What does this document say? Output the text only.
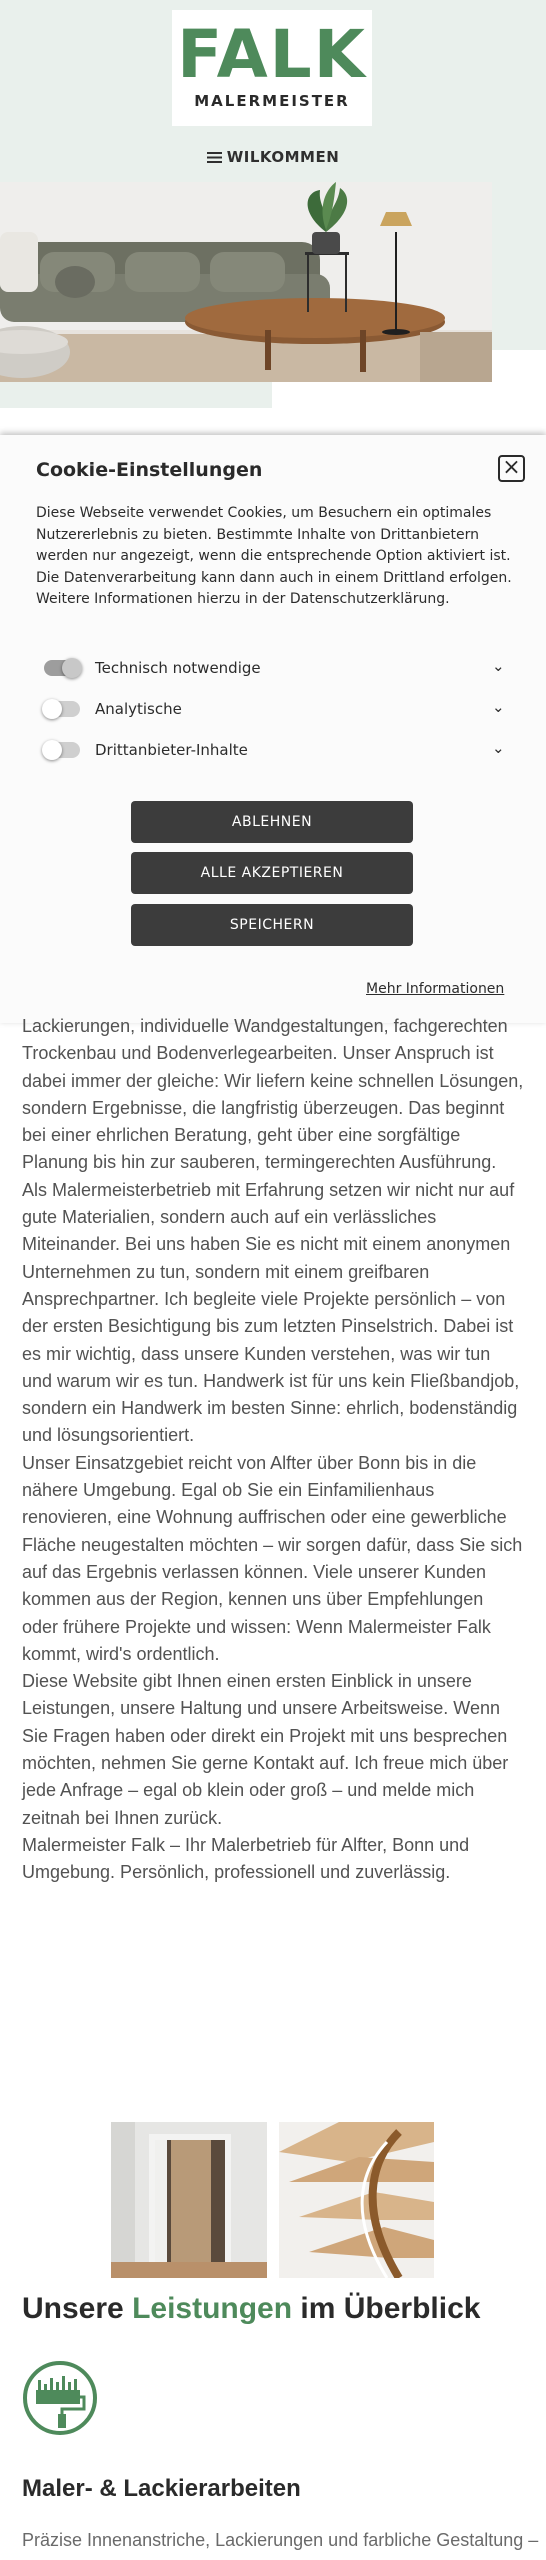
FALK
MALERMEISTER
WILKOMMEN
Cookie-Einstellungen	×
Diese Webseite verwendet Cookies, um Besuchern ein optimales Nutzererlebnis zu bieten. Bestimmte Inhalte von Drittanbietern werden nur angezeigt, wenn die entsprechende Option aktiviert ist. Die Datenverarbeitung kann dann auch in einem Drittland erfolgen. Weitere Informationen hierzu in der Datenschutzerklärung.
Technisch notwendige	⌄
Analytische	⌄
Drittanbieter-Inhalte	⌄
ABLEHNEN
ALLE AKZEPTIEREN
SPEICHERN
Mehr Informationen

Lackierungen, individuelle Wandgestaltungen, fachgerechten Trockenbau und Bodenverlegearbeiten. Unser Anspruch ist dabei immer der gleiche: Wir liefern keine schnellen Lösungen, sondern Ergebnisse, die langfristig überzeugen. Das beginnt bei einer ehrlichen Beratung, geht über eine sorgfältige Planung bis hin zur sauberen, termingerechten Ausführung.

Als Malermeisterbetrieb mit Erfahrung setzen wir nicht nur auf gute Materialien, sondern auch auf ein verlässliches Miteinander. Bei uns haben Sie es nicht mit einem anonymen Unternehmen zu tun, sondern mit einem greifbaren Ansprechpartner. Ich begleite viele Projekte persönlich – von der ersten Besichtigung bis zum letzten Pinselstrich. Dabei ist es mir wichtig, dass unsere Kunden verstehen, was wir tun und warum wir es tun. Handwerk ist für uns kein Fließbandjob, sondern ein Handwerk im besten Sinne: ehrlich, bodenständig und lösungsorientiert.

Unser Einsatzgebiet reicht von Alfter über Bonn bis in die nähere Umgebung. Egal ob Sie ein Einfamilienhaus renovieren, eine Wohnung auffrischen oder eine gewerbliche Fläche neugestalten möchten – wir sorgen dafür, dass Sie sich auf das Ergebnis verlassen können. Viele unserer Kunden kommen aus der Region, kennen uns über Empfehlungen oder frühere Projekte und wissen: Wenn Malermeister Falk kommt, wird's ordentlich.

Diese Website gibt Ihnen einen ersten Einblick in unsere Leistungen, unsere Haltung und unsere Arbeitsweise. Wenn Sie Fragen haben oder direkt ein Projekt mit uns besprechen möchten, nehmen Sie gerne Kontakt auf. Ich freue mich über jede Anfrage – egal ob klein oder groß – und melde mich zeitnah bei Ihnen zurück.

Malermeister Falk – Ihr Malerbetrieb für Alfter, Bonn und Umgebung. Persönlich, professionell und zuverlässig.

Unsere Leistungen im Überblick
Maler- & Lackierarbeiten
Präzise Innenanstriche, Lackierungen und farbliche Gestaltung –
